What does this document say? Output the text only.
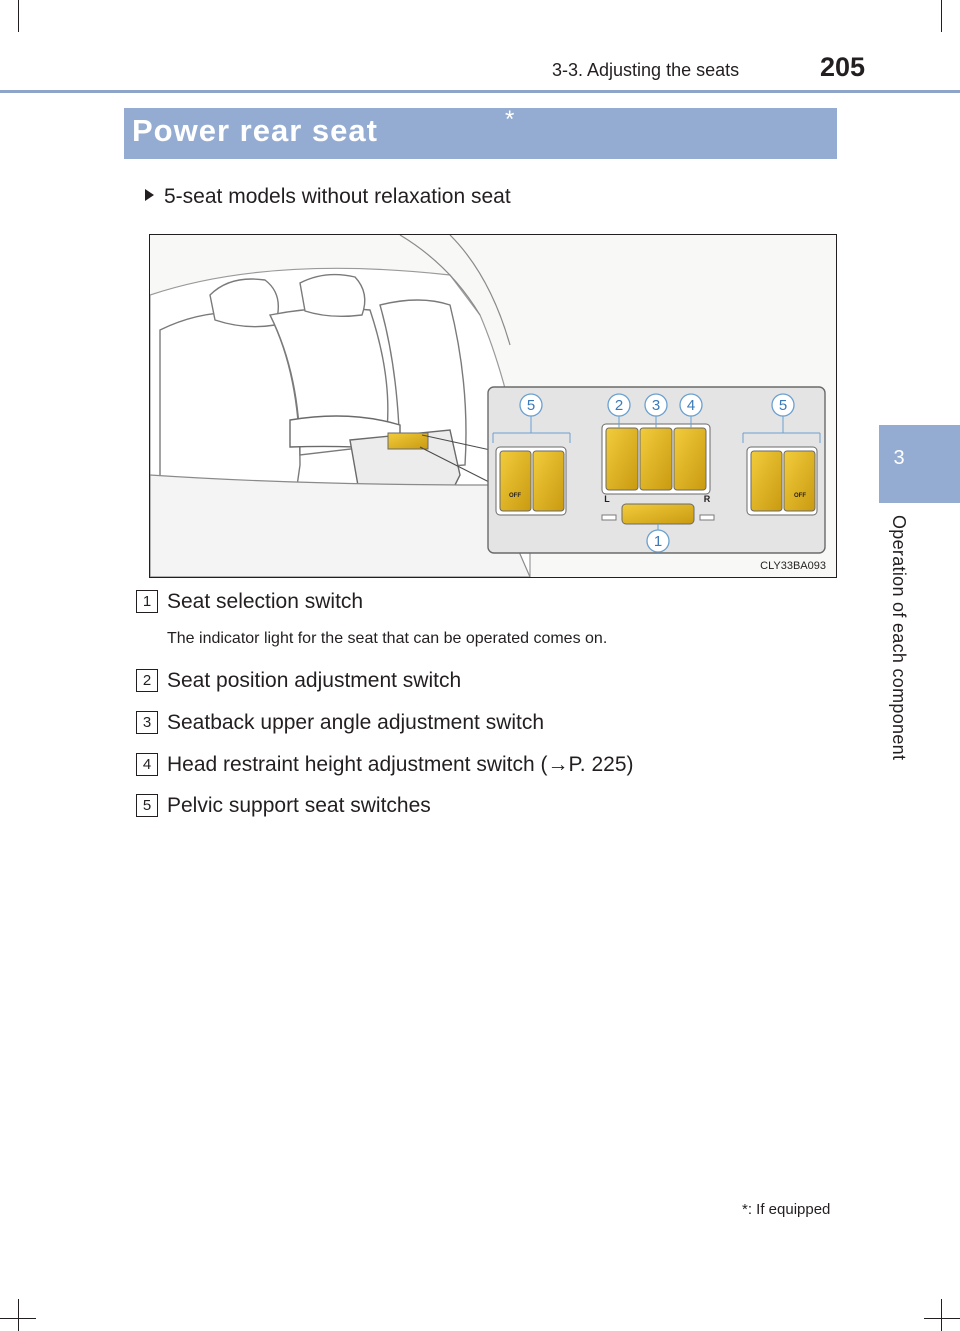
3-3. Adjusting the seats	205
Power rear seat	*
3
Operation of each component
5-seat models without relaxation seat
5	2 3 4	5
1
L	R
OFF	OFF
CLY33BA093
1 Seat selection switch
The indicator light for the seat that can be operated comes on.
2 Seat position adjustment switch
3 Seatback upper angle adjustment switch
4 Head restraint height adjustment switch (→P. 225)
5 Pelvic support seat switches
*: If equipped
